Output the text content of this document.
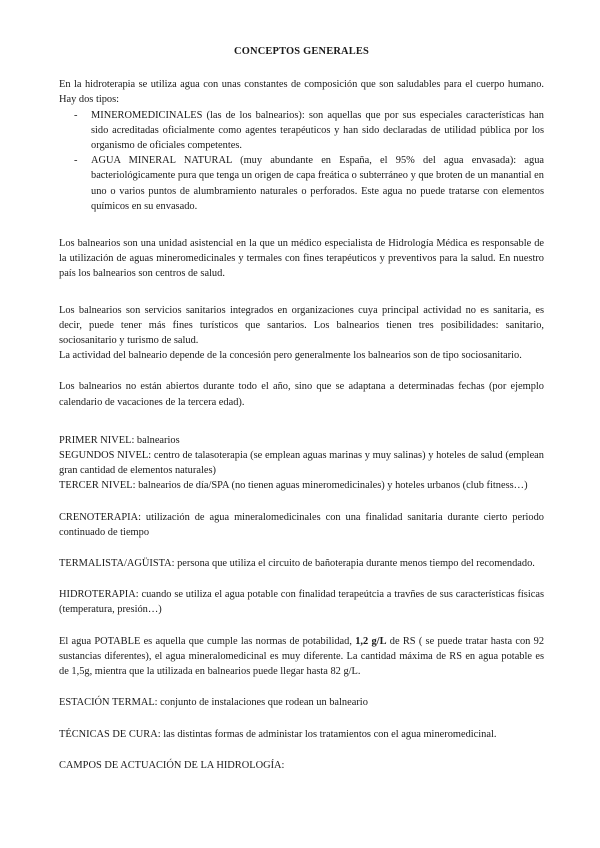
CONCEPTOS GENERALES

En la hidroterapia se utiliza agua con unas constantes de composición que son saludables para el cuerpo humano. Hay dos tipos:

- MINEROMEDICINALES (las de los balnearios): son aquellas que por sus especiales características han sido acreditadas oficialmente como agentes terapéuticos y han sido declaradas de utilidad pública por los organismo de oficiales competentes.
- AGUA MINERAL NATURAL (muy abundante en España, el 95% del agua envasada): agua bacteriológicamente pura que tenga un origen de capa freática o subterráneo y que broten de un manantial en uno o varios puntos de alumbramiento naturales o perforados. Este agua no puede tratarse con elementos químicos en su envasado.

Los balnearios son una unidad asistencial en la que un médico especialista de Hidrología Médica es responsable de la utilización de aguas mineromedicinales y termales con fines terapéuticos y preventivos para la salud. En nuestro país los balnearios son centros de salud.

Los balnearios son servicios sanitarios integrados en organizaciones cuya principal actividad no es sanitaria, es decir, puede tener más fines turísticos que santarios. Los balnearios tienen tres posibilidades: sanitario, sociosanitario y turismo de salud.

La actividad del balneario depende de la concesión pero generalmente los balnearios son de tipo sociosanitario.

Los balnearios no están abiertos durante todo el año, sino que se adaptana a determinadas fechas (por ejemplo calendario de vacaciones de la tercera edad).

PRIMER NIVEL: balnearios

SEGUNDOS NIVEL: centro de talasoterapia (se emplean aguas marinas y muy salinas) y hoteles de salud (emplean gran cantidad de elementos naturales)

TERCER NIVEL: balnearios de día/SPA (no tienen aguas mineromedicinales) y hoteles urbanos (club fitness…)

CRENOTERAPIA: utilización de agua mineralomedicinales con una finalidad sanitaria durante cierto periodo continuado de tiempo

TERMALISTA/AGÜISTA: persona que utiliza el circuito de bañoterapia durante menos tiempo del recomendado.

HIDROTERAPIA: cuando se utiliza el agua potable con finalidad terapeútcia a travñes de sus características físicas (temperatura, presión…)

El agua POTABLE es aquella que cumple las normas de potabilidad, 1,2 g/L de RS ( se puede tratar hasta con 92 sustancias diferentes), el agua mineralomedicinal es muy diferente. La cantidad máxima de RS en agua potable es de 1,5g, mientra que la utilizada en balnearios puede llegar hasta 82 g/L.

ESTACIÓN TERMAL: conjunto de instalaciones que rodean un balneario

TÉCNICAS DE CURA: las distintas formas de administar los tratamientos con el agua mineromedicinal.

CAMPOS DE ACTUACIÓN DE LA HIDROLOGÍA:
